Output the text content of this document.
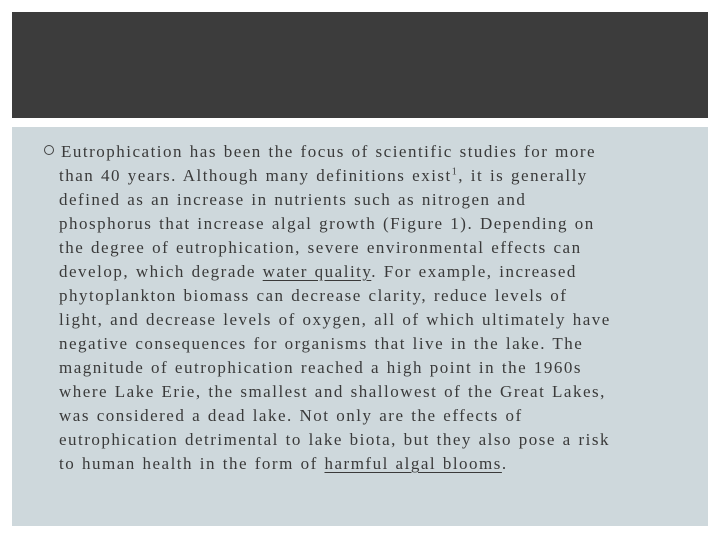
Eutrophication has been the focus of scientific studies for more
than 40 years. Although many definitions exist$^1$, it is generally
defined as an increase in nutrients such as nitrogen and
phosphorus that increase algal growth (Figure 1). Depending on
the degree of eutrophication, severe environmental effects can
develop, which degrade water quality. For example, increased
phytoplankton biomass can decrease clarity, reduce levels of
light, and decrease levels of oxygen, all of which ultimately have
negative consequences for organisms that live in the lake. The
magnitude of eutrophication reached a high point in the 1960s
where Lake Erie, the smallest and shallowest of the Great Lakes,
was considered a dead lake. Not only are the effects of
eutrophication detrimental to lake biota, but they also pose a risk
to human health in the form of harmful algal blooms.
